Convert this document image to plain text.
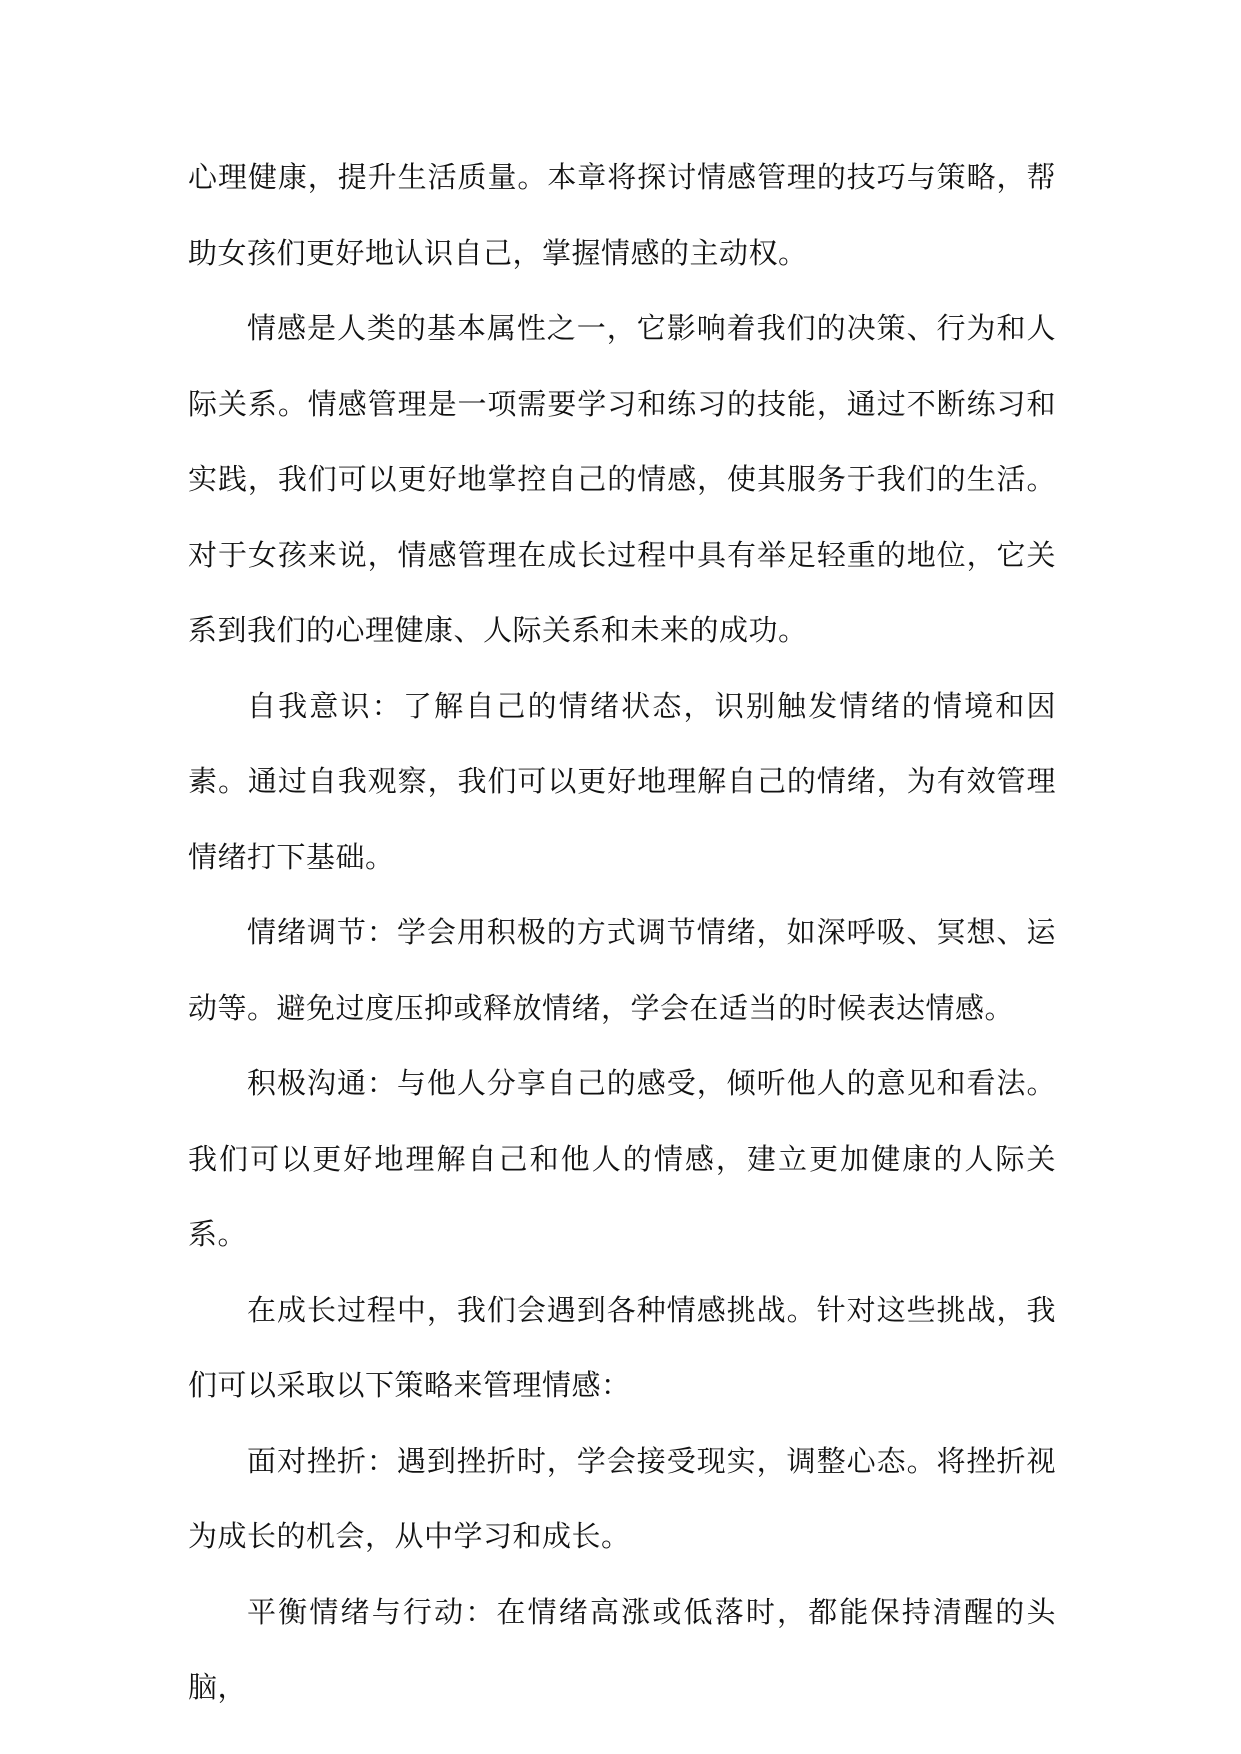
心理健康，提升生活质量。本章将探讨情感管理的技巧与策略，帮助女孩们更好地认识自己，掌握情感的主动权。

情感是人类的基本属性之一，它影响着我们的决策、行为和人际关系。情感管理是一项需要学习和练习的技能，通过不断练习和实践，我们可以更好地掌控自己的情感，使其服务于我们的生活。对于女孩来说，情感管理在成长过程中具有举足轻重的地位，它关系到我们的心理健康、人际关系和未来的成功。

自我意识：了解自己的情绪状态，识别触发情绪的情境和因素。通过自我观察，我们可以更好地理解自己的情绪，为有效管理情绪打下基础。

情绪调节：学会用积极的方式调节情绪，如深呼吸、冥想、运动等。避免过度压抑或释放情绪，学会在适当的时候表达情感。

积极沟通：与他人分享自己的感受，倾听他人的意见和看法。我们可以更好地理解自己和他人的情感，建立更加健康的人际关系。

在成长过程中，我们会遇到各种情感挑战。针对这些挑战，我们可以采取以下策略来管理情感：

面对挫折：遇到挫折时，学会接受现实，调整心态。将挫折视为成长的机会，从中学习和成长。

平衡情绪与行动：在情绪高涨或低落时，都能保持清醒的头脑，
